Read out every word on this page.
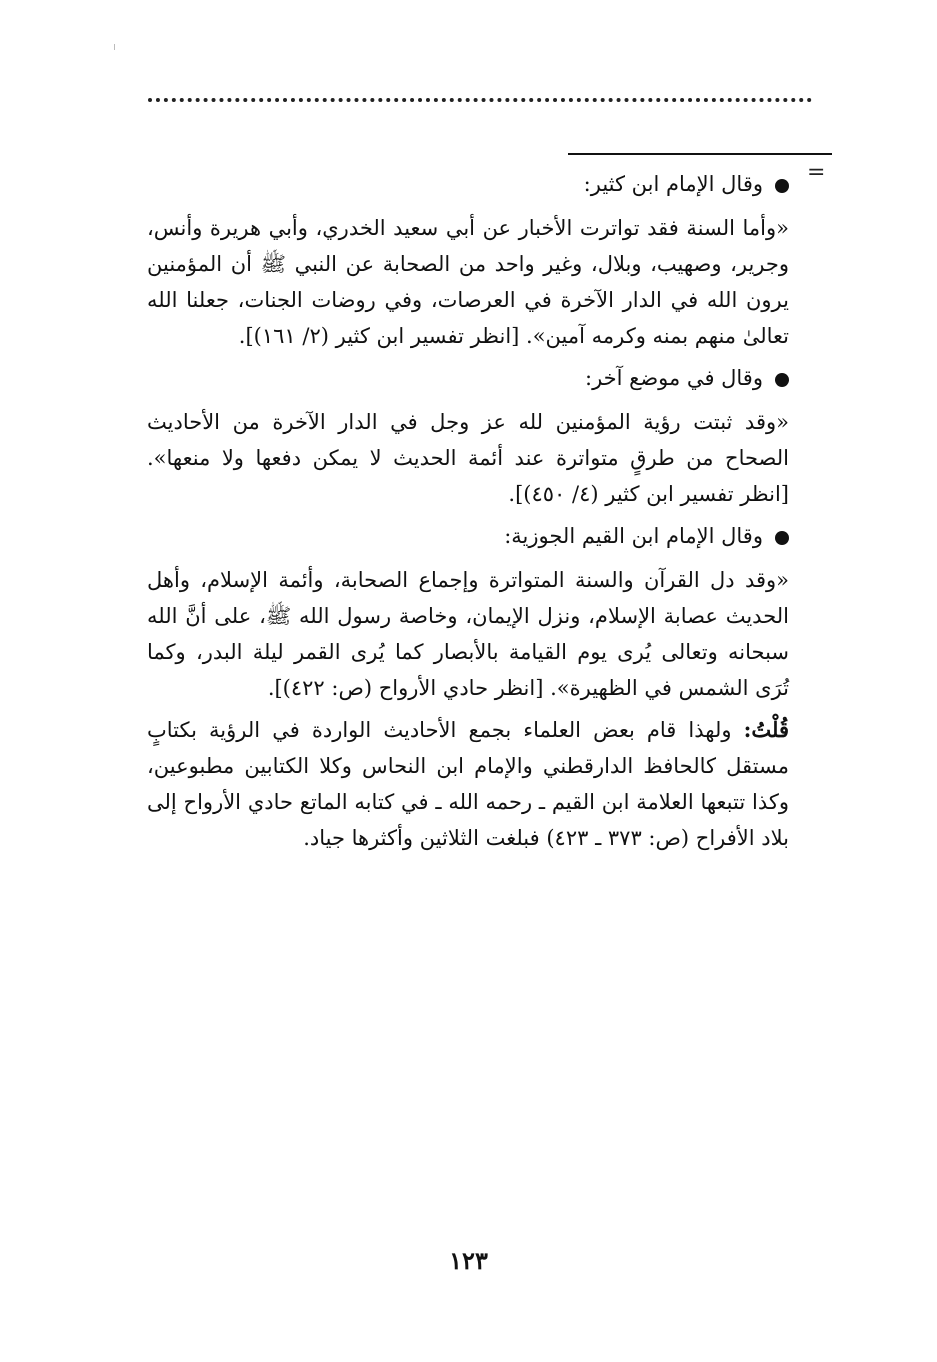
=

وقال الإمام ابن كثير:

«وأما السنة فقد تواترت الأخبار عن أبي سعيد الخدري، وأبي هريرة وأنس، وجرير، وصهيب، وبلال، وغير واحد من الصحابة عن النبي ﷺ أن المؤمنين يرون الله في الدار الآخرة في العرصات، وفي روضات الجنات، جعلنا الله تعالىٰ منهم بمنه وكرمه آمين». [انظر تفسير ابن كثير (٢/ ١٦١)].

وقال في موضع آخر:

«وقد ثبتت رؤية المؤمنين لله عز وجل في الدار الآخرة من الأحاديث الصحاح من طرقٍ متواترة عند أئمة الحديث لا يمكن دفعها ولا منعها». [انظر تفسير ابن كثير (٤/ ٤٥٠)].

وقال الإمام ابن القيم الجوزية:

«وقد دل القرآن والسنة المتواترة وإجماع الصحابة، وأئمة الإسلام، وأهل الحديث عصابة الإسلام، ونزل الإيمان، وخاصة رسول الله ﷺ، على أنَّ الله سبحانه وتعالى يُرى يوم القيامة بالأبصار كما يُرى القمر ليلة البدر، وكما تُرَى الشمس في الظهيرة». [انظر حادي الأرواح (ص: ٤٢٢)].

قُلْتُ: ولهذا قام بعض العلماء بجمع الأحاديث الواردة في الرؤية بكتابٍ مستقل كالحافظ الدارقطني والإمام ابن النحاس وكلا الكتابين مطبوعين، وكذا تتبعها العلامة ابن القيم ـ رحمه الله ـ في كتابه الماتع حادي الأرواح إلى بلاد الأفراح (ص: ٣٧٣ ـ ٤٢٣) فبلغت الثلاثين وأكثرها جياد.

١٢٣
